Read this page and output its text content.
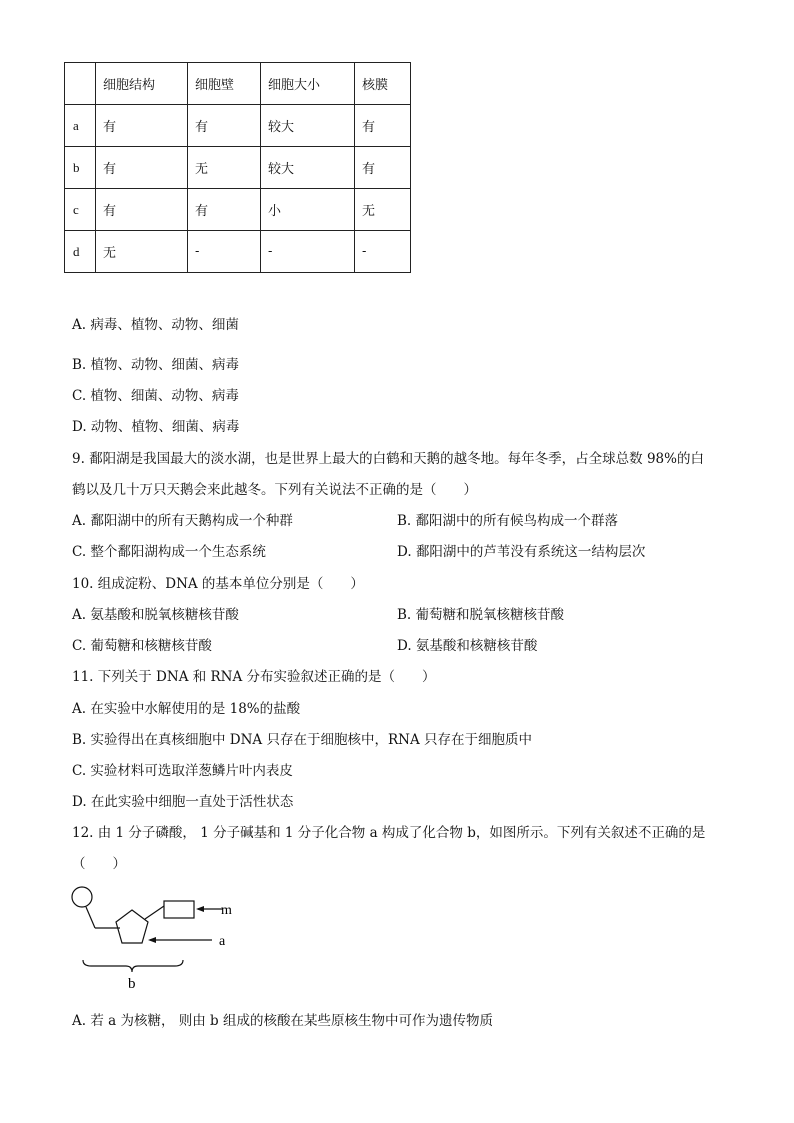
	细胞结构	细胞壁	细胞大小	核膜
a	有	有	较大	有
b	有	无	较大	有
c	有	有	小	无
d	无	-	-	-
A. 病毒、植物、动物、细菌
B. 植物、动物、细菌、病毒
C. 植物、细菌、动物、病毒
D. 动物、植物、细菌、病毒
9. 鄱阳湖是我国最大的淡水湖，也是世界上最大的白鹤和天鹅的越冬地。每年冬季，占全球总数 98%的白
鹤以及几十万只天鹅会来此越冬。下列有关说法不正确的是（　　）
A. 鄱阳湖中的所有天鹅构成一个种群	B. 鄱阳湖中的所有候鸟构成一个群落
C. 整个鄱阳湖构成一个生态系统	D. 鄱阳湖中的芦苇没有系统这一结构层次
10. 组成淀粉、DNA 的基本单位分别是（　　）
A. 氨基酸和脱氧核糖核苷酸	B. 葡萄糖和脱氧核糖核苷酸
C. 葡萄糖和核糖核苷酸	D. 氨基酸和核糖核苷酸
11. 下列关于 DNA 和 RNA 分布实验叙述正确的是（　　）
A. 在实验中水解使用的是 18%的盐酸
B. 实验得出在真核细胞中 DNA 只存在于细胞核中，RNA 只存在于细胞质中
C. 实验材料可选取洋葱鳞片叶内表皮
D. 在此实验中细胞一直处于活性状态
12. 由 1 分子磷酸， 1 分子碱基和 1 分子化合物 a 构成了化合物 b，如图所示。下列有关叙述不正确的是
（　　）
m
a
b
A. 若 a 为核糖， 则由 b 组成的核酸在某些原核生物中可作为遗传物质
